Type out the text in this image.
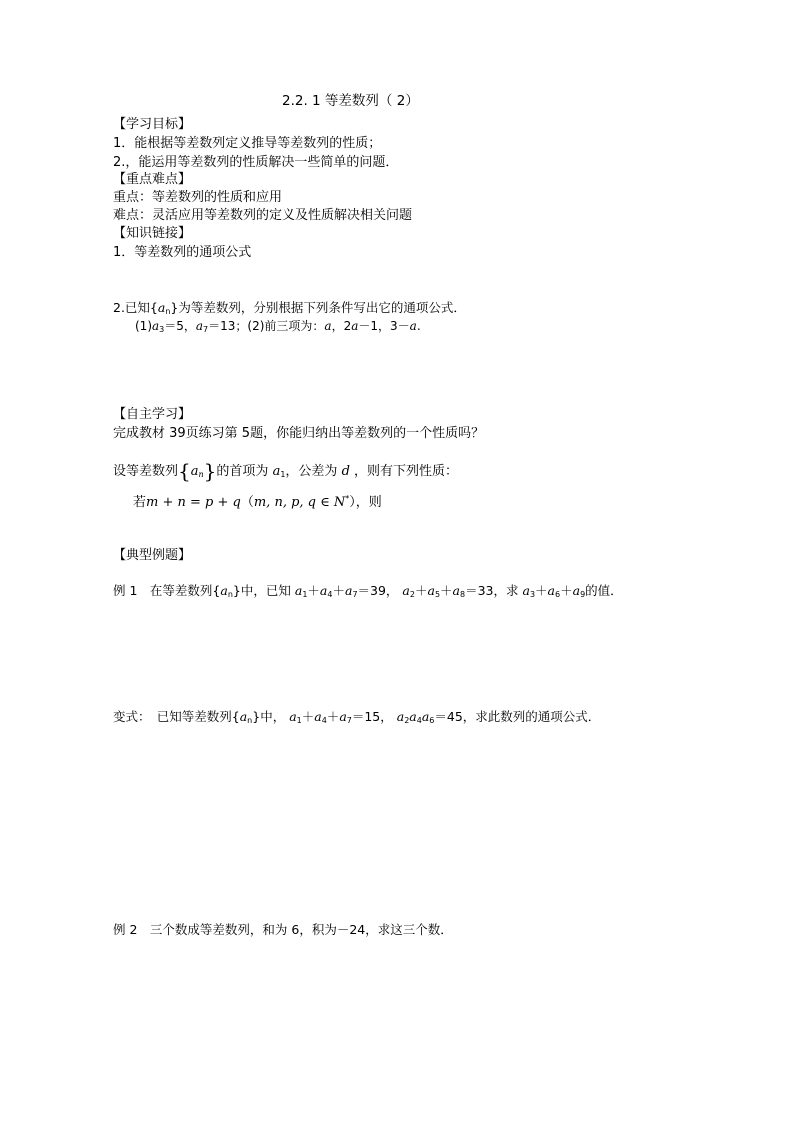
2.2. 1 等差数列（ 2）
【学习目标】
1．能根据等差数列定义推导等差数列的性质；
2.，能运用等差数列的性质解决一些简单的问题．
【重点难点】
重点：等差数列的性质和应用
难点：灵活应用等差数列的定义及性质解决相关问题
【知识链接】
1．等差数列的通项公式
2.已知$\{a_n\}$为等差数列，分别根据下列条件写出它的通项公式．
$(1)a_3=5$，$a_7=13$；(2)前三项为：a，2a－1，3－a.
【自主学习】
完成教材 39页练习第 5题，你能归纳出等差数列的一个性质吗？
设等差数列$\{a_n\}$的首项为 $a_1$，公差为 d ，则有下列性质：
若m + n = p + q（m, n, p, q ∈ N*），则
【典型例题】
例 1　在等差数列$\{a_n\}$中，已知 $a_1+a_4+a_7=39$， $a_2+a_5+a_8=33$，求 $a_3+a_6+a_9$的值．
变式：　已知等差数列$\{a_n\}$中， $a_1+a_4+a_7=15$， $a_2a_4a_6=45$，求此数列的通项公式．
例 2　三个数成等差数列，和为 6，积为－24，求这三个数．
